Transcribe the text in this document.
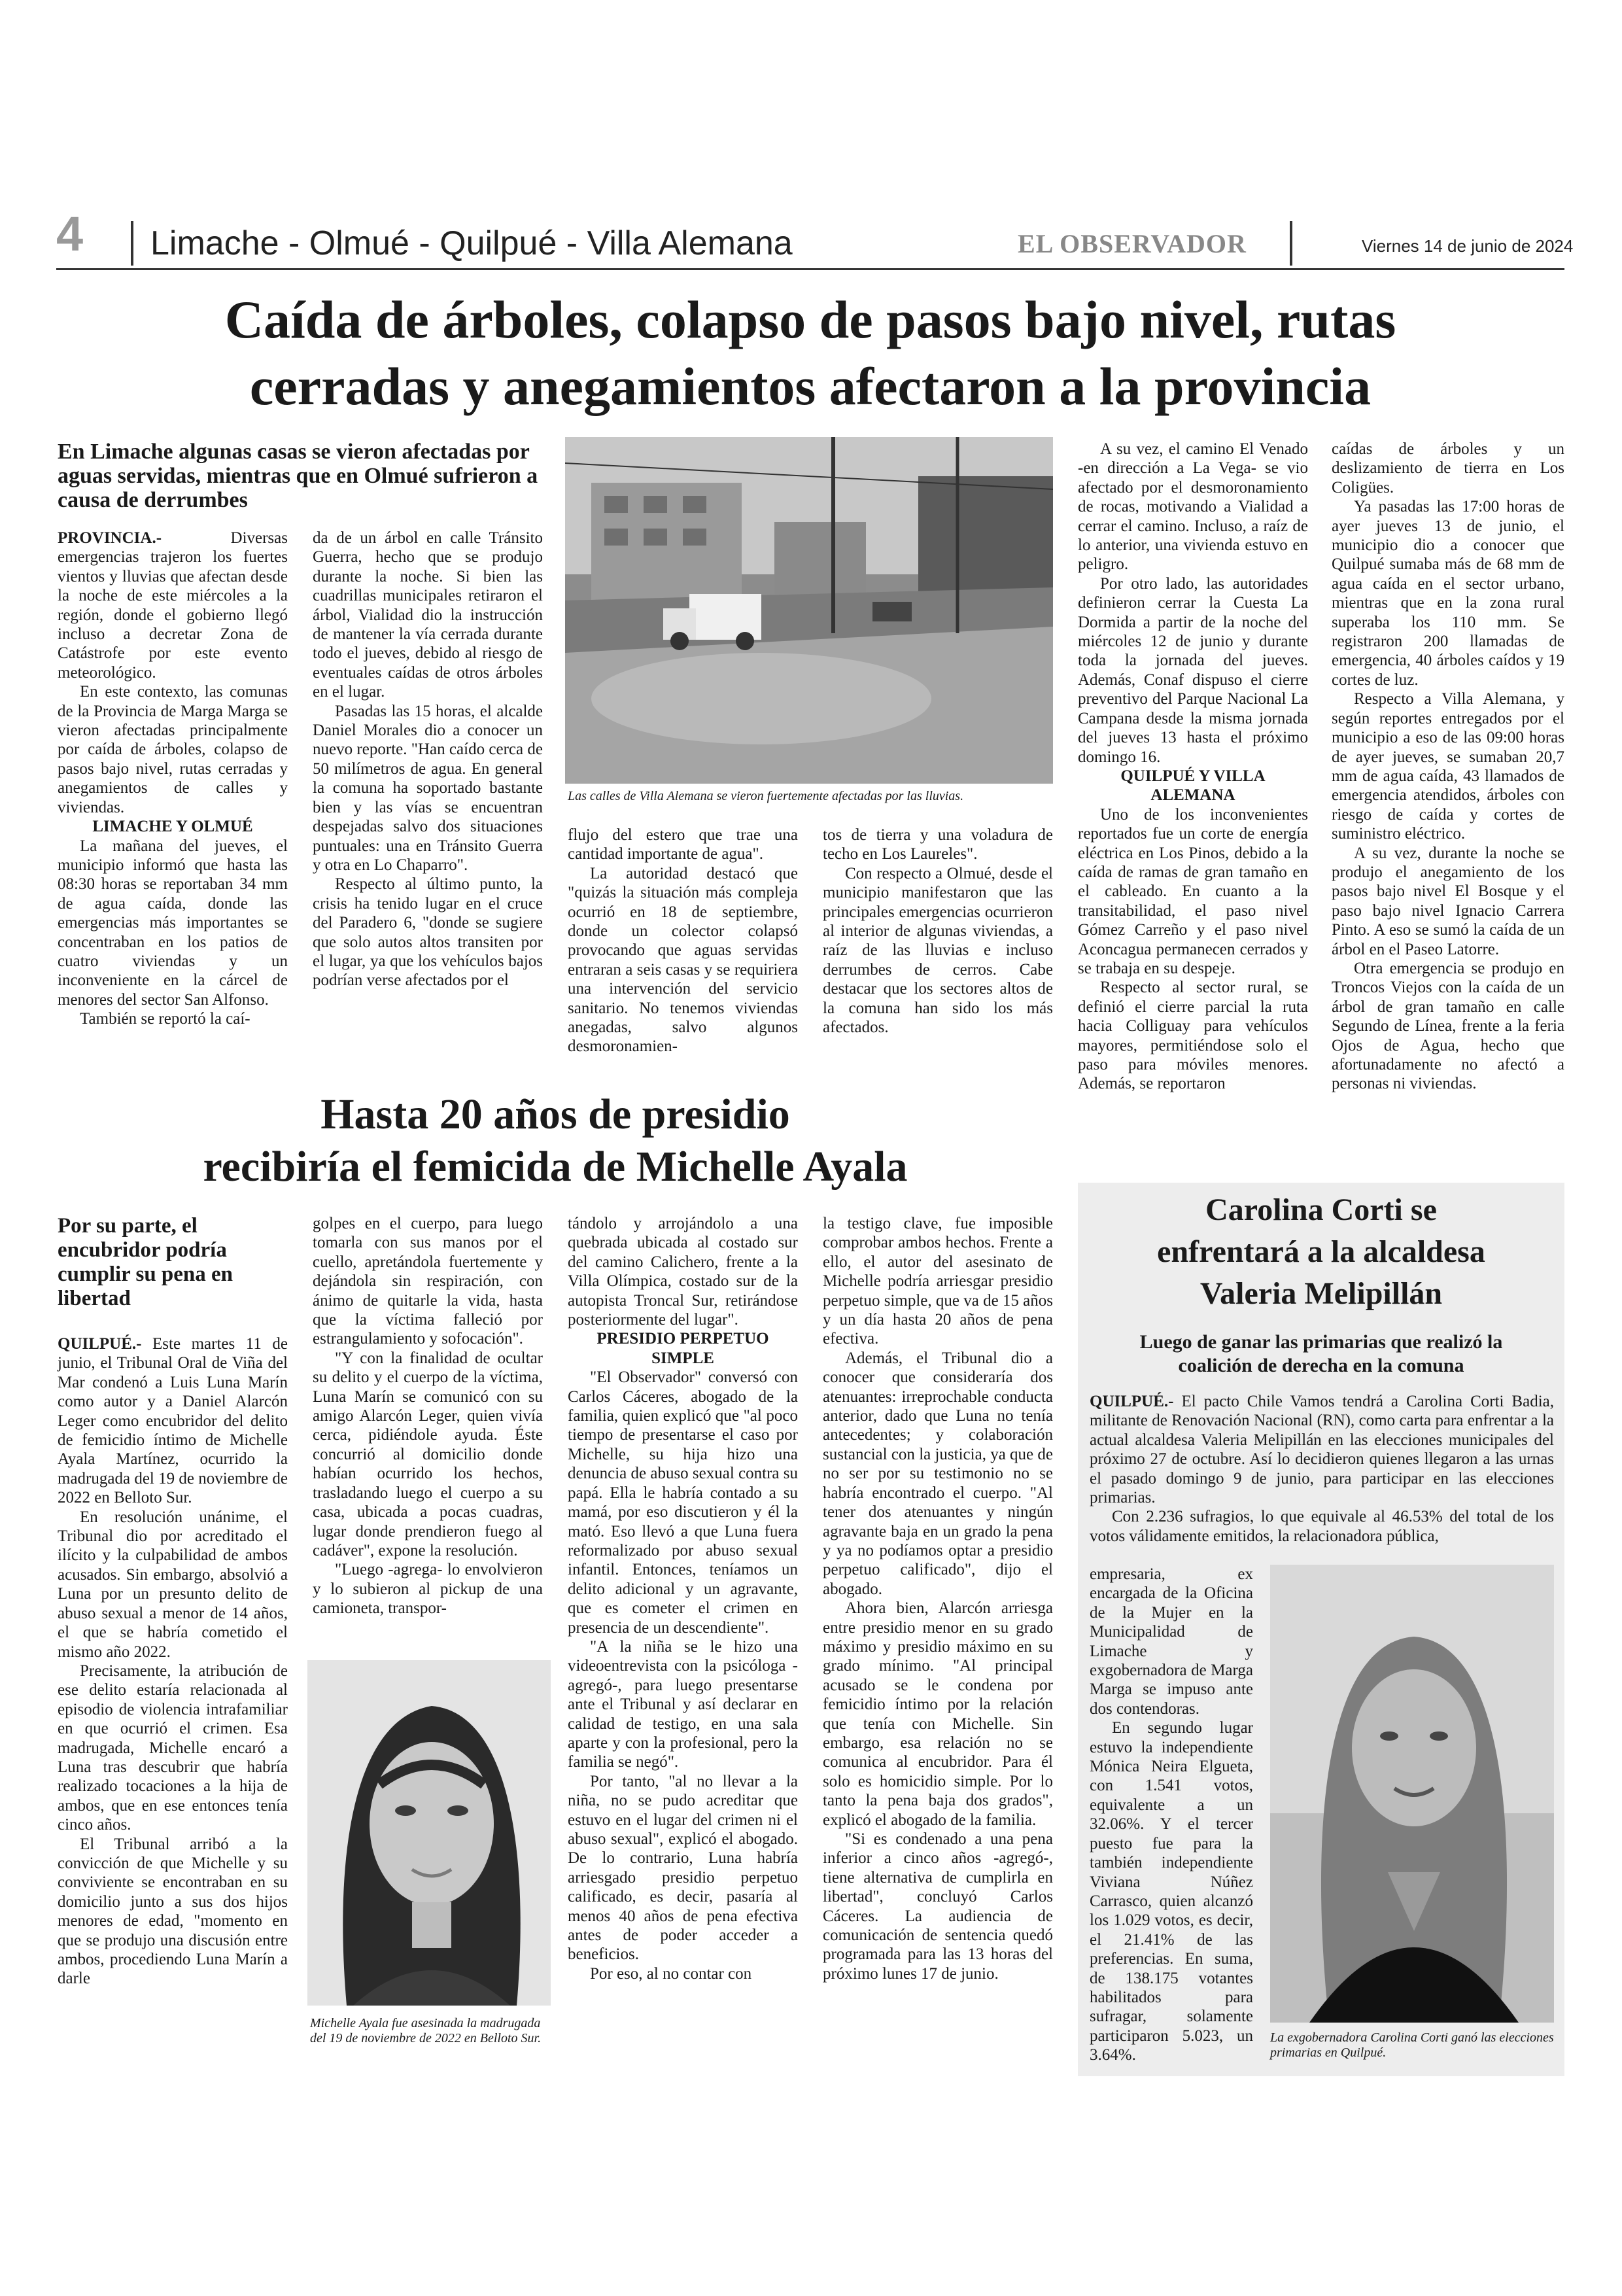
4 Limache - Olmué - Quilpué - Villa Alemana	EL OBSERVADOR	Viernes 14 de junio de 2024
Caída de árboles, colapso de pasos bajo nivel, rutas
cerradas y anegamientos afectaron a la provincia
En Limache algunas casas se vieron afectadas por aguas servidas, mientras que en Olmué sufrieron a causa de derrumbes
Las calles de Villa Alemana se vieron fuertemente afectadas por las lluvias.

PROVINCIA.- Diversas emergencias trajeron los fuertes vientos y lluvias que afectan desde la noche de este miércoles a la región, donde el gobierno llegó incluso a decretar Zona de Catástrofe por este evento meteorológico.

En este contexto, las comunas de la Provincia de Marga Marga se vieron afectadas principalmente por caída de árboles, colapso de pasos bajo nivel, rutas cerradas y anegamientos de calles y viviendas.

LIMACHE Y OLMUÉ

La mañana del jueves, el municipio informó que hasta las 08:30 horas se reportaban 34 mm de agua caída, donde las emergencias más importantes se concentraban en los patios de cuatro viviendas y un inconveniente en la cárcel de menores del sector San Alfonso.

También se reportó la caí-

da de un árbol en calle Tránsito Guerra, hecho que se produjo durante la noche. Si bien las cuadrillas municipales retiraron el árbol, Vialidad dio la instrucción de mantener la vía cerrada durante todo el jueves, debido al riesgo de eventuales caídas de otros árboles en el lugar.

Pasadas las 15 horas, el alcalde Daniel Morales dio a conocer un nuevo reporte. "Han caído cerca de 50 milímetros de agua. En general la comuna ha soportado bastante bien y las vías se encuentran despejadas salvo dos situaciones puntuales: una en Tránsito Guerra y otra en Lo Chaparro".

Respecto al último punto, la crisis ha tenido lugar en el cruce del Paradero 6, "donde se sugiere que solo autos altos transiten por el lugar, ya que los vehículos bajos podrían verse afectados por el

flujo del estero que trae una cantidad importante de agua".

La autoridad destacó que "quizás la situación más compleja ocurrió en 18 de septiembre, donde un colector colapsó provocando que aguas servidas entraran a seis casas y se requiriera una intervención del servicio sanitario. No tenemos viviendas anegadas, salvo algunos desmoronamien-

tos de tierra y una voladura de techo en Los Laureles".

Con respecto a Olmué, desde el municipio manifestaron que las principales emergencias ocurrieron al interior de algunas viviendas, a raíz de las lluvias e incluso derrumbes de cerros. Cabe destacar que los sectores altos de la comuna han sido los más afectados.

A su vez, el camino El Venado -en dirección a La Vega- se vio afectado por el desmoronamiento de rocas, motivando a Vialidad a cerrar el camino. Incluso, a raíz de lo anterior, una vivienda estuvo en peligro.

Por otro lado, las autoridades definieron cerrar la Cuesta La Dormida a partir de la noche del miércoles 12 de junio y durante toda la jornada del jueves. Además, Conaf dispuso el cierre preventivo del Parque Nacional La Campana desde la misma jornada del jueves 13 hasta el próximo domingo 16.

QUILPUÉ Y VILLA ALEMANA

Uno de los inconvenientes reportados fue un corte de energía eléctrica en Los Pinos, debido a la caída de ramas de gran tamaño en el cableado. En cuanto a la transitabilidad, el paso nivel Gómez Carreño y el paso nivel Aconcagua permanecen cerrados y se trabaja en su despeje.

Respecto al sector rural, se definió el cierre parcial la ruta hacia Colliguay para vehículos mayores, permitiéndose solo el paso para móviles menores. Además, se reportaron

caídas de árboles y un deslizamiento de tierra en Los Coligües.

Ya pasadas las 17:00 horas de ayer jueves 13 de junio, el municipio dio a conocer que Quilpué sumaba más de 68 mm de agua caída en el sector urbano, mientras que en la zona rural superaba los 110 mm. Se registraron 200 llamadas de emergencia, 40 árboles caídos y 19 cortes de luz.

Respecto a Villa Alemana, y según reportes entregados por el municipio a eso de las 09:00 horas de ayer jueves, se sumaban 20,7 mm de agua caída, 43 llamados de emergencia atendidos, árboles con riesgo de caída y cortes de suministro eléctrico.

A su vez, durante la noche se produjo el anegamiento de los pasos bajo nivel El Bosque y el paso bajo nivel Ignacio Carrera Pinto. A eso se sumó la caída de un árbol en el Paseo Latorre.

Otra emergencia se produjo en Troncos Viejos con la caída de un árbol de gran tamaño en calle Segundo de Línea, frente a la feria Ojos de Agua, hecho que afortunadamente no afectó a personas ni viviendas.

Hasta 20 años de presidio
recibiría el femicida de Michelle Ayala
Por su parte, el encubridor podría cumplir su pena en libertad

QUILPUÉ.- Este martes 11 de junio, el Tribunal Oral de Viña del Mar condenó a Luis Luna Marín como autor y a Daniel Alarcón Leger como encubridor del delito de femicidio íntimo de Michelle Ayala Martínez, ocurrido la madrugada del 19 de noviembre de 2022 en Belloto Sur.

En resolución unánime, el Tribunal dio por acreditado el ilícito y la culpabilidad de ambos acusados. Sin embargo, absolvió a Luna por un presunto delito de abuso sexual a menor de 14 años, el que se habría cometido el mismo año 2022.

Precisamente, la atribución de ese delito estaría relacionada al episodio de violencia intrafamiliar en que ocurrió el crimen. Esa madrugada, Michelle encaró a Luna tras descubrir que habría realizado tocaciones a la hija de ambos, que en ese entonces tenía cinco años.

El Tribunal arribó a la convicción de que Michelle y su conviviente se encontraban en su domicilio junto a sus dos hijos menores de edad, "momento en que se produjo una discusión entre ambos, procediendo Luna Marín a darle

golpes en el cuerpo, para luego tomarla con sus manos por el cuello, apretándola fuertemente y dejándola sin respiración, con ánimo de quitarle la vida, hasta que la víctima falleció por estrangulamiento y sofocación".

"Y con la finalidad de ocultar su delito y el cuerpo de la víctima, Luna Marín se comunicó con su amigo Alarcón Leger, quien vivía cerca, pidiéndole ayuda. Éste concurrió al domicilio donde habían ocurrido los hechos, trasladando luego el cuerpo a su casa, ubicada a pocas cuadras, lugar donde prendieron fuego al cadáver", expone la resolución.

"Luego -agrega- lo envolvieron y lo subieron al pickup de una camioneta, transpor-

Michelle Ayala fue asesinada la madrugada del 19 de noviembre de 2022 en Belloto Sur.

tándolo y arrojándolo a una quebrada ubicada al costado sur del camino Calichero, frente a la Villa Olímpica, costado sur de la autopista Troncal Sur, retirándose posteriormente del lugar".

PRESIDIO PERPETUO SIMPLE

"El Observador" conversó con Carlos Cáceres, abogado de la familia, quien explicó que "al poco tiempo de presentarse el caso por Michelle, su hija hizo una denuncia de abuso sexual contra su papá. Ella le habría contado a su mamá, por eso discutieron y él la mató. Eso llevó a que Luna fuera reformalizado por abuso sexual infantil. Entonces, teníamos un delito adicional y un agravante, que es cometer el crimen en presencia de un descendiente".

"A la niña se le hizo una videoentrevista con la psicóloga -agregó-, para luego presentarse ante el Tribunal y así declarar en calidad de testigo, en una sala aparte y con la profesional, pero la familia se negó".

Por tanto, "al no llevar a la niña, no se pudo acreditar que estuvo en el lugar del crimen ni el abuso sexual", explicó el abogado. De lo contrario, Luna habría arriesgado presidio perpetuo calificado, es decir, pasaría al menos 40 años de pena efectiva antes de poder acceder a beneficios.

Por eso, al no contar con

la testigo clave, fue imposible comprobar ambos hechos. Frente a ello, el autor del asesinato de Michelle podría arriesgar presidio perpetuo simple, que va de 15 años y un día hasta 20 años de pena efectiva.

Además, el Tribunal dio a conocer que consideraría dos atenuantes: irreprochable conducta anterior, dado que Luna no tenía antecedentes; y colaboración sustancial con la justicia, ya que de no ser por su testimonio no se habría encontrado el cuerpo. "Al tener dos atenuantes y ningún agravante baja en un grado la pena y ya no podíamos optar a presidio perpetuo calificado", dijo el abogado.

Ahora bien, Alarcón arriesga entre presidio menor en su grado máximo y presidio máximo en su grado mínimo. "Al principal acusado se le condena por femicidio íntimo por la relación que tenía con Michelle. Sin embargo, esa relación no se comunica al encubridor. Para él solo es homicidio simple. Por lo tanto la pena baja dos grados", explicó el abogado de la familia.

"Si es condenado a una pena inferior a cinco años -agregó-, tiene alternativa de cumplirla en libertad", concluyó Carlos Cáceres. La audiencia de comunicación de sentencia quedó programada para las 13 horas del próximo lunes 17 de junio.

Carolina Corti se
enfrentará a la alcaldesa
Valeria Melipillán
Luego de ganar las primarias que realizó la coalición de derecha en la comuna

QUILPUÉ.- El pacto Chile Vamos tendrá a Carolina Corti Badia, militante de Renovación Nacional (RN), como carta para enfrentar a la actual alcaldesa Valeria Melipillán en las elecciones municipales del próximo 27 de octubre. Así lo decidieron quienes llegaron a las urnas el pasado domingo 9 de junio, para participar en las elecciones primarias.

Con 2.236 sufragios, lo que equivale al 46.53% del total de los votos válidamente emitidos, la relacionadora pública,

empresaria, ex encargada de la Oficina de la Mujer en la Municipalidad de Limache y exgobernadora de Marga Marga se impuso ante dos contendoras.

En segundo lugar estuvo la independiente Mónica Neira Elgueta, con 1.541 votos, equivalente a un 32.06%. Y el tercer puesto fue para la también independiente Viviana Núñez Carrasco, quien alcanzó los 1.029 votos, es decir, el 21.41% de las preferencias. En suma, de 138.175 votantes habilitados para sufragar, solamente participaron 5.023, un 3.64%.

La exgobernadora Carolina Corti ganó las elecciones primarias en Quilpué.
